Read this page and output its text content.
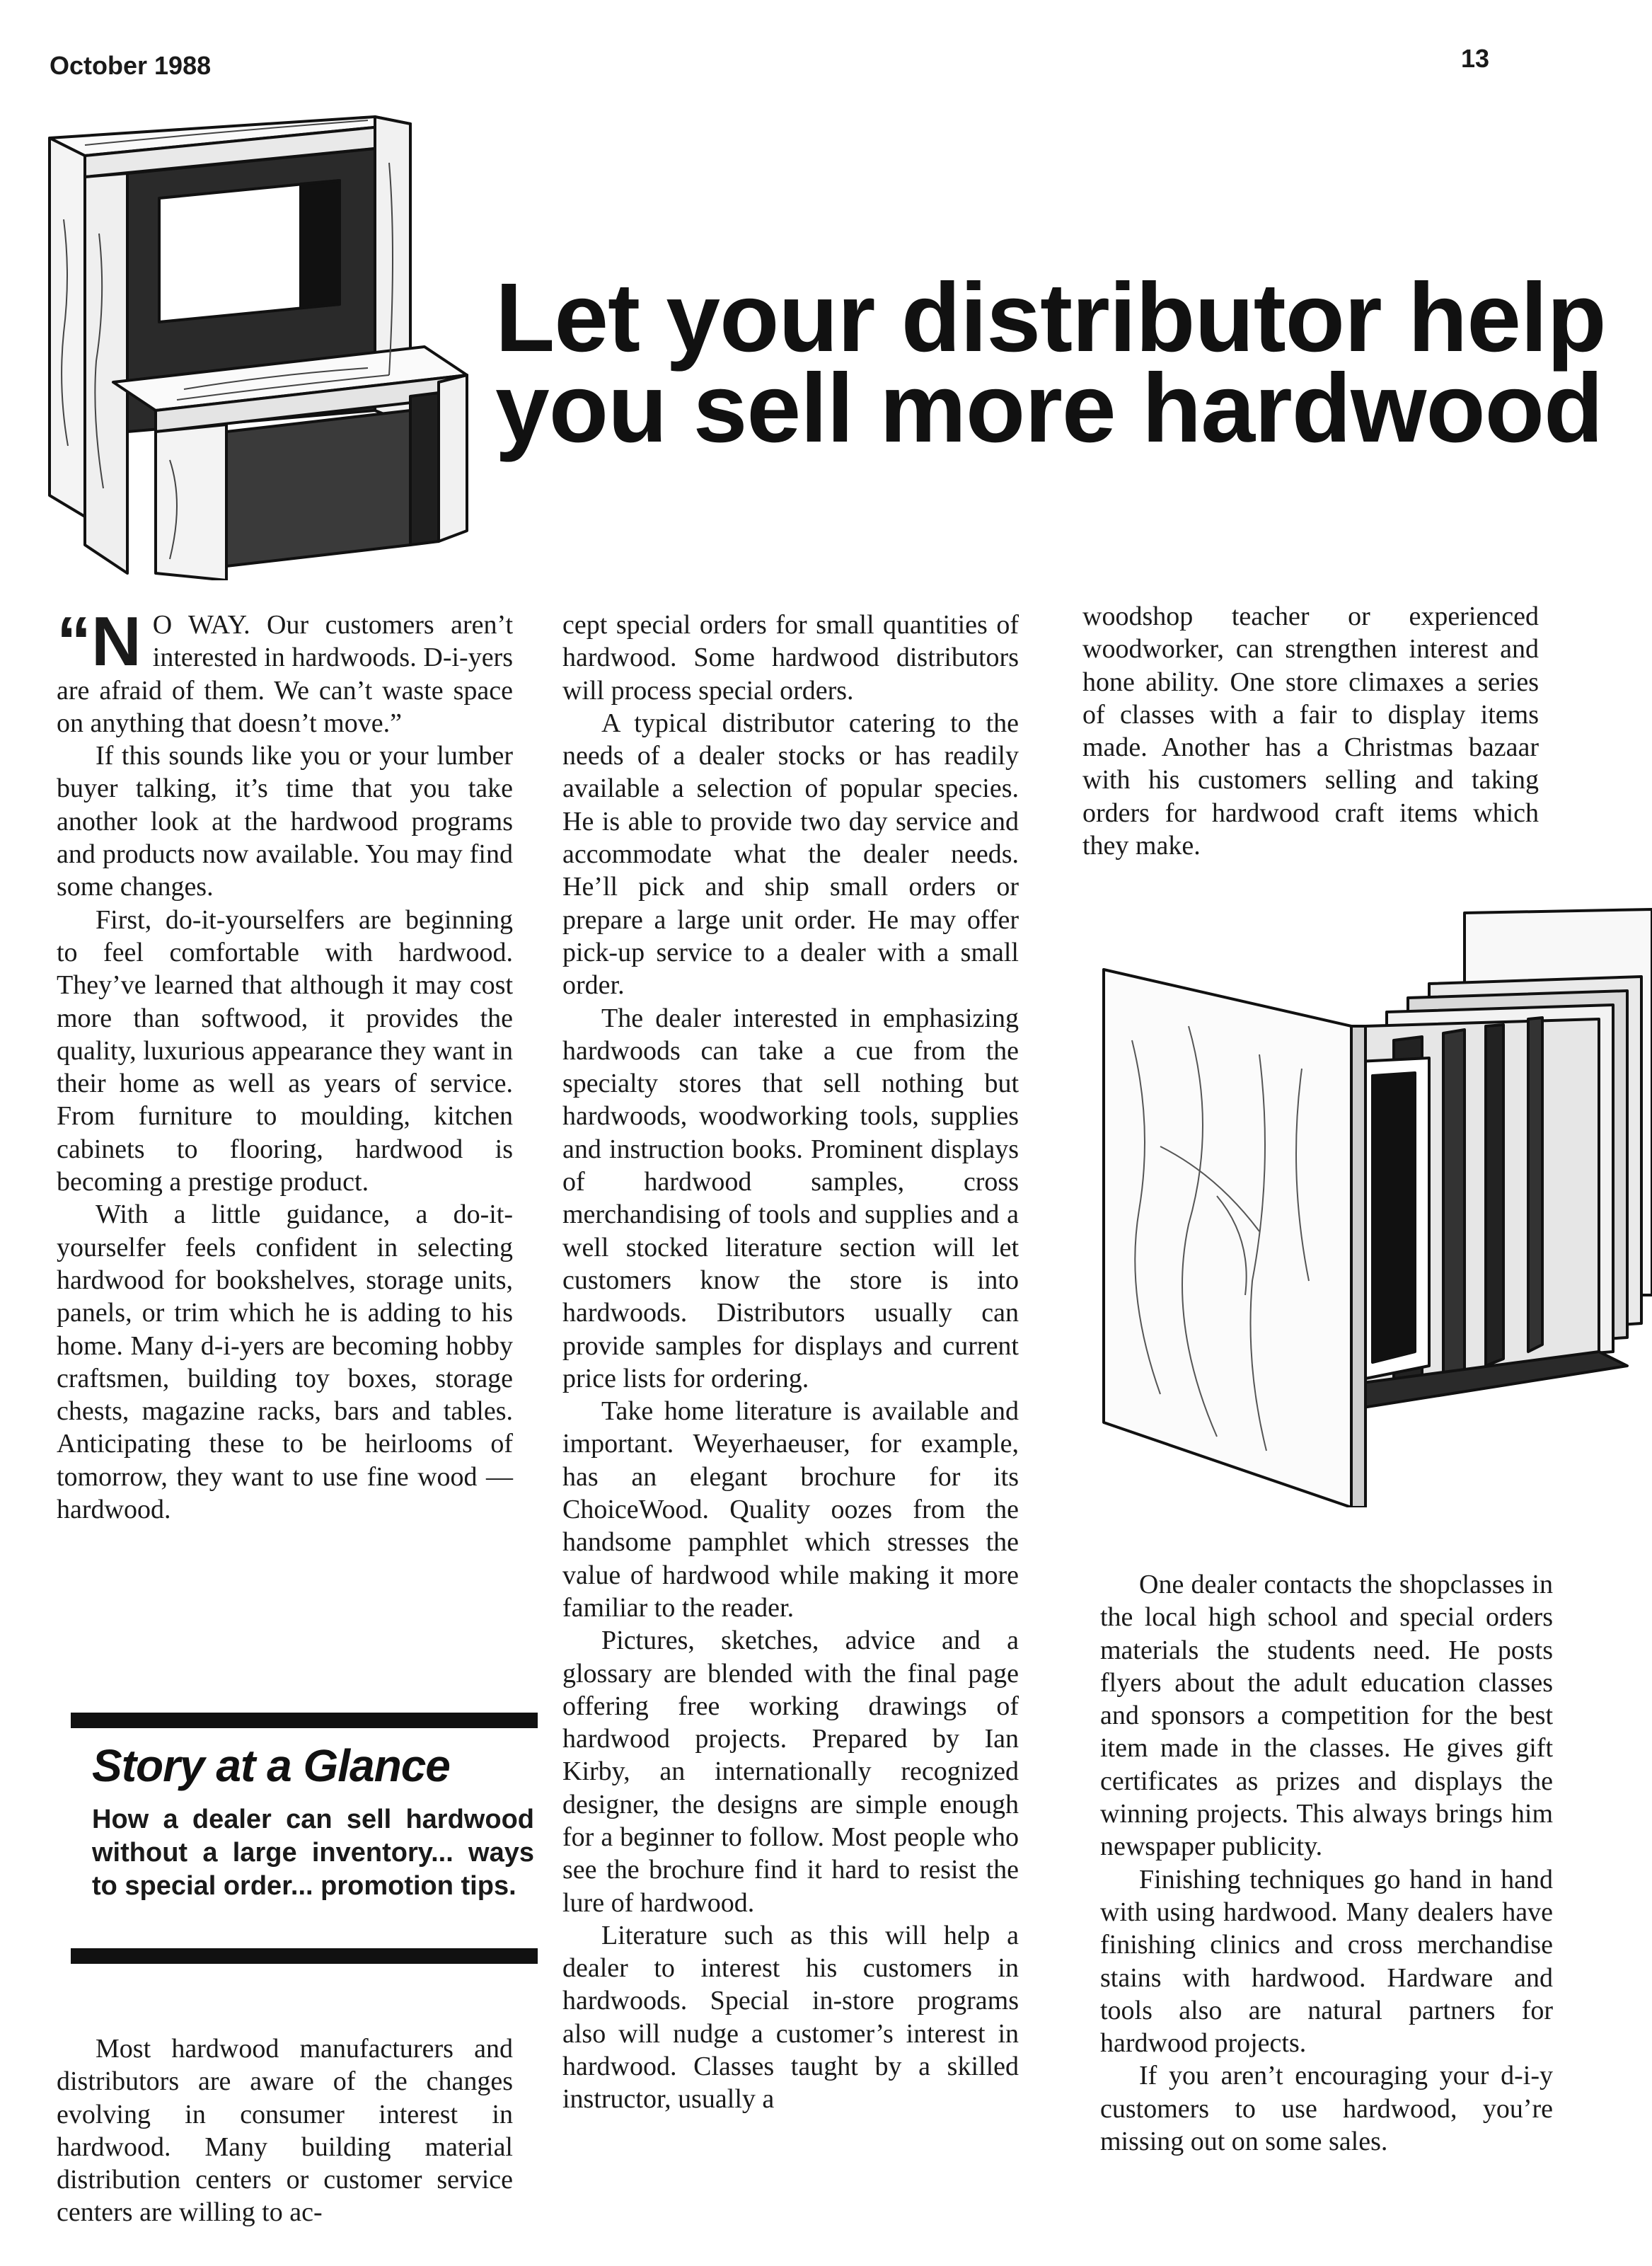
October 1988	13
Let your distributor help
you sell more hardwood

“N O WAY. Our customers aren’t interested in hardwoods. D-i-yers are afraid of them. We can’t waste space on anything that doesn’t move.”

If this sounds like you or your lumber buyer talking, it’s time that you take another look at the hardwood programs and products now available. You may find some changes.

First, do-it-yourselfers are beginning to feel comfortable with hardwood. They’ve learned that although it may cost more than softwood, it provides the quality, luxurious appearance they want in their home as well as years of service. From furniture to moulding, kitchen cabinets to flooring, hardwood is becoming a prestige product.

With a little guidance, a do-it-yourselfer feels confident in selecting hardwood for bookshelves, storage units, panels, or trim which he is adding to his home. Many d-i-yers are becoming hobby craftsmen, building toy boxes, storage chests, magazine racks, bars and tables. Anticipating these to be heirlooms of tomorrow, they want to use fine wood — hardwood.

Story at a Glance
How a dealer can sell hardwood without a large inventory... ways to special order... promotion tips.

Most hardwood manufacturers and distributors are aware of the changes evolving in consumer interest in hardwood. Many building material distribution centers or customer service centers are willing to ac-

cept special orders for small quantities of hardwood. Some hardwood distributors will process special orders.

A typical distributor catering to the needs of a dealer stocks or has readily available a selection of popular species. He is able to provide two day service and accommodate what the dealer needs. He’ll pick and ship small orders or prepare a large unit order. He may offer pick-up service to a dealer with a small order.

The dealer interested in emphasizing hardwoods can take a cue from the specialty stores that sell nothing but hardwoods, woodworking tools, supplies and instruction books. Prominent displays of hardwood samples, cross merchandising of tools and supplies and a well stocked literature section will let customers know the store is into hardwoods. Distributors usually can provide samples for displays and current price lists for ordering.

Take home literature is available and important. Weyerhaeuser, for example, has an elegant brochure for its ChoiceWood. Quality oozes from the handsome pamphlet which stresses the value of hardwood while making it more familiar to the reader.

Pictures, sketches, advice and a glossary are blended with the final page offering free working drawings of hardwood projects. Prepared by Ian Kirby, an internationally recognized designer, the designs are simple enough for a beginner to follow. Most people who see the brochure find it hard to resist the lure of hardwood.

Literature such as this will help a dealer to interest his customers in hardwoods. Special in-store programs also will nudge a customer’s interest in hardwood. Classes taught by a skilled instructor, usually a

woodshop teacher or experienced woodworker, can strengthen interest and hone ability. One store climaxes a series of classes with a fair to display items made. Another has a Christmas bazaar with his customers selling and taking orders for hardwood craft items which they make.

One dealer contacts the shopclasses in the local high school and special orders materials the students need. He posts flyers about the adult education classes and sponsors a competition for the best item made in the classes. He gives gift certificates as prizes and displays the winning projects. This always brings him newspaper publicity.

Finishing techniques go hand in hand with using hardwood. Many dealers have finishing clinics and cross merchandise stains with hardwood. Hardware and tools also are natural partners for hardwood projects.

If you aren’t encouraging your d-i-y customers to use hardwood, you’re missing out on some sales.
